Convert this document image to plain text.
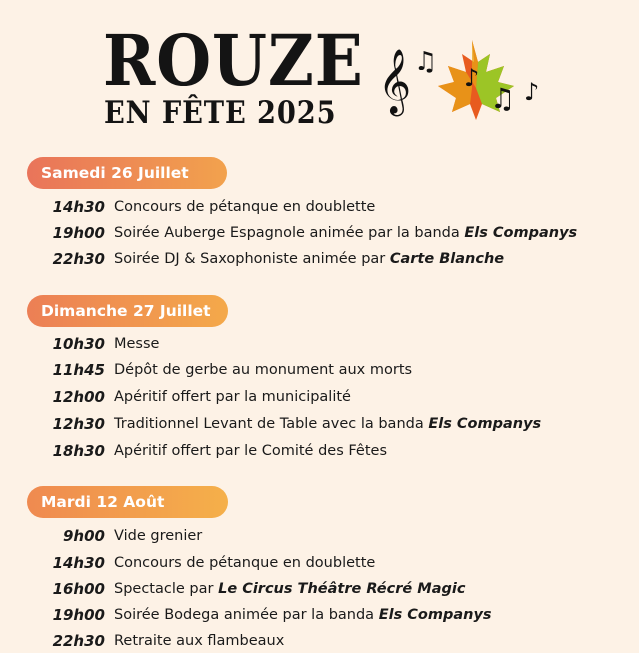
ROUZE
EN FÊTE 2025 𝄞 ♫
♪
♫ ♪
Samedi 26 Juillet
14h30 Concours de pétanque en doublette
19h00 Soirée Auberge Espagnole animée par la banda Els Companys
22h30 Soirée DJ & Saxophoniste animée par Carte Blanche
Dimanche 27 Juillet
10h30 Messe
11h45 Dépôt de gerbe au monument aux morts
12h00 Apéritif offert par la municipalité
12h30 Traditionnel Levant de Table avec la banda Els Companys
18h30 Apéritif offert par le Comité des Fêtes
Mardi 12 Août
9h00 Vide grenier
14h30 Concours de pétanque en doublette
16h00 Spectacle par Le Circus Théâtre Récré Magic
19h00 Soirée Bodega animée par la banda Els Companys
22h30 Retraite aux flambeaux
